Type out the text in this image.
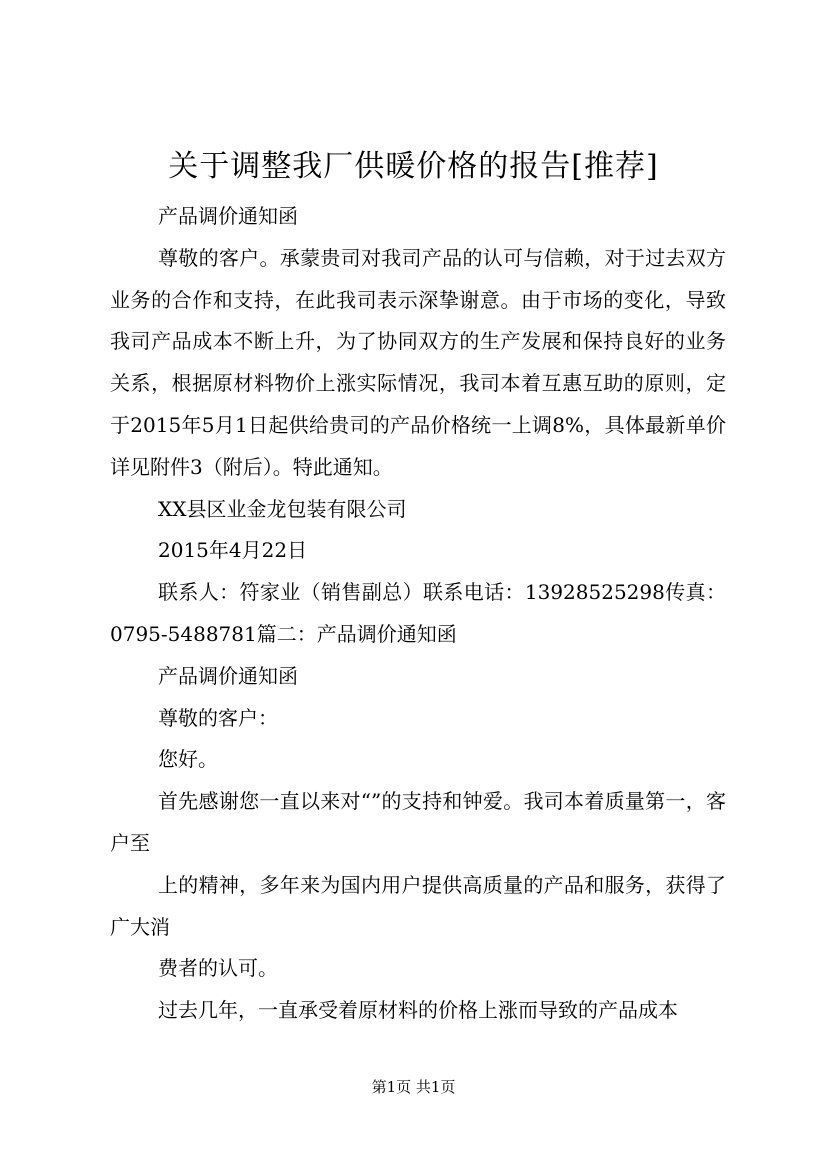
关于调整我厂供暖价格的报告[推荐]

产品调价通知函

尊敬的客户。承蒙贵司对我司产品的认可与信赖，对于过去双方业务的合作和支持，在此我司表示深挚谢意。由于市场的变化，导致我司产品成本不断上升，为了协同双方的生产发展和保持良好的业务关系，根据原材料物价上涨实际情况，我司本着互惠互助的原则，定于2015年5月1日起供给贵司的产品价格统一上调8%，具体最新单价详见附件3（附后）。特此通知。

XX县区业金龙包装有限公司

2015年4月22日

联系人：符家业（销售副总）联系电话：13928525298传真：0795-5488781篇二：产品调价通知函

产品调价通知函

尊敬的客户：

您好。

首先感谢您一直以来对“”的支持和钟爱。我司本着质量第一，客户至

上的精神，多年来为国内用户提供高质量的产品和服务，获得了广大消

费者的认可。

过去几年，一直承受着原材料的价格上涨而导致的产品成本

第1页 共1页
